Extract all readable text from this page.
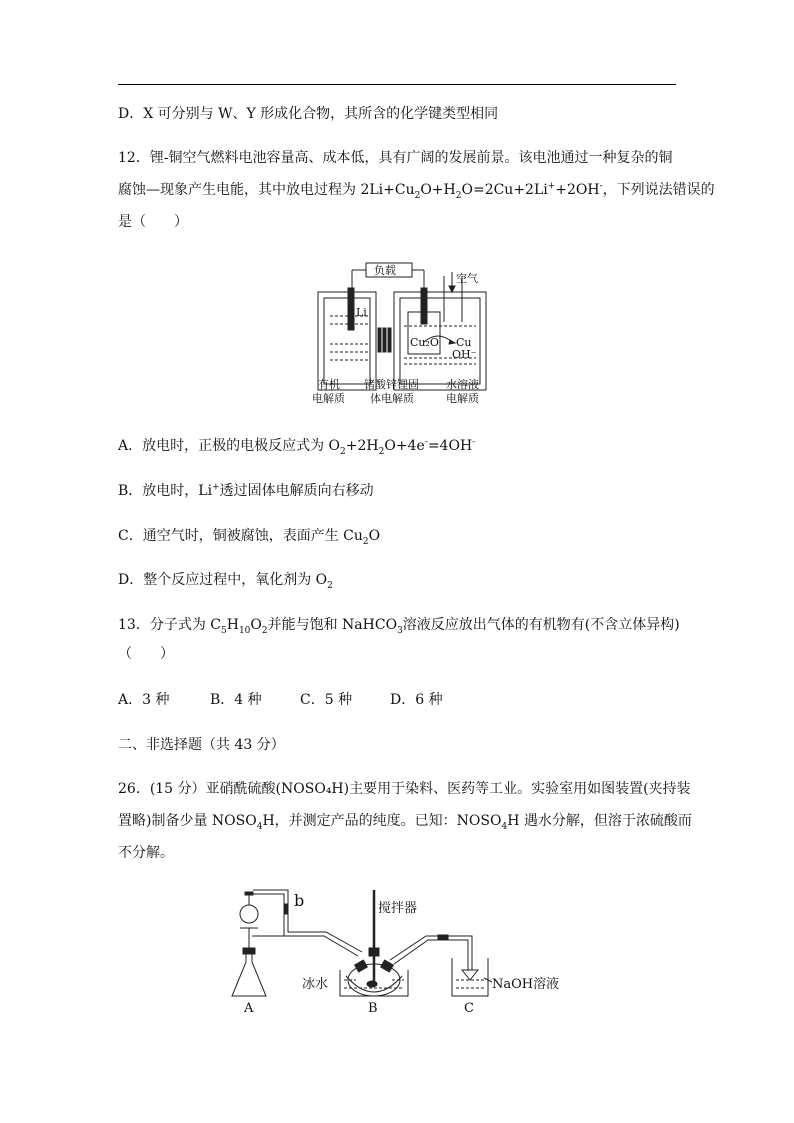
D．X 可分别与 W、Y 形成化合物，其所含的化学键类型相同
12．锂-铜空气燃料电池容量高、成本低，具有广阔的发展前景。该电池通过一种复杂的铜
腐蚀—现象产生电能，其中放电过程为 $2Li+Cu_2O+H_2O=2Cu+2Li^++2OH^-$，下列说法错误的
是（　　）
负载
空气
Li
Cu₂O Cu
OH⁻
有机
电解质
锗酸锌锂固
体电解质
水溶液
电解质
A．放电时，正极的电极反应式为 $O_2+2H_2O+4e^-=4OH^-$
B．放电时，Li+透过固体电解质向右移动
C．通空气时，铜被腐蚀，表面产生 $Cu_2O$
D．整个反应过程中，氧化剂为 $O_2$
13．分子式为 $C_5H_{10}O_2$并能与饱和 NaHCO$_3$溶液反应放出气体的有机物有(不含立体异构)
（　　）
A．3 种	B．4 种	C．5 种	D．6 种
二、非选择题（共 43 分）
26．(15 分）亚硝酰硫酸(NOSO₄H)主要用于染料、医药等工业。实验室用如图装置(夹持装
置略)制备少量 $NOSO_4H$，并测定产品的纯度。已知：$NOSO_4H$ 遇水分解，但溶于浓硫酸而
不分解。
b	搅拌器
冰水	NaOH溶液
A	B	C
